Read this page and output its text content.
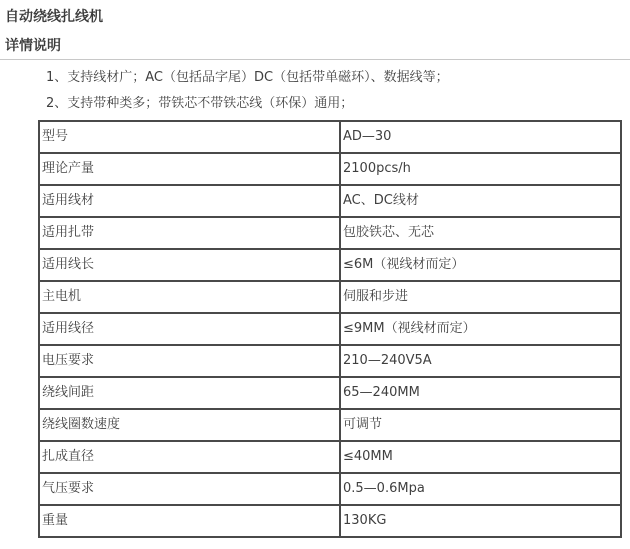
自动绕线扎线机
详情说明

1、支持线材广；AC（包括品字尾）DC（包括带单磁环）、数据线等；

2、支持带种类多；带铁芯不带铁芯线（环保）通用；

型号	AD—30
理论产量	2100pcs/h
适用线材	AC、DC线材
适用扎带	包胶铁芯、无芯
适用线长	≤6M（视线材而定）
主电机	伺服和步进
适用线径	≤9MM（视线材而定）
电压要求	210—240V5A
绕线间距	65—240MM
绕线圈数速度	可调节
扎成直径	≤40MM
气压要求	0.5—0.6Mpa
重量	130KG
